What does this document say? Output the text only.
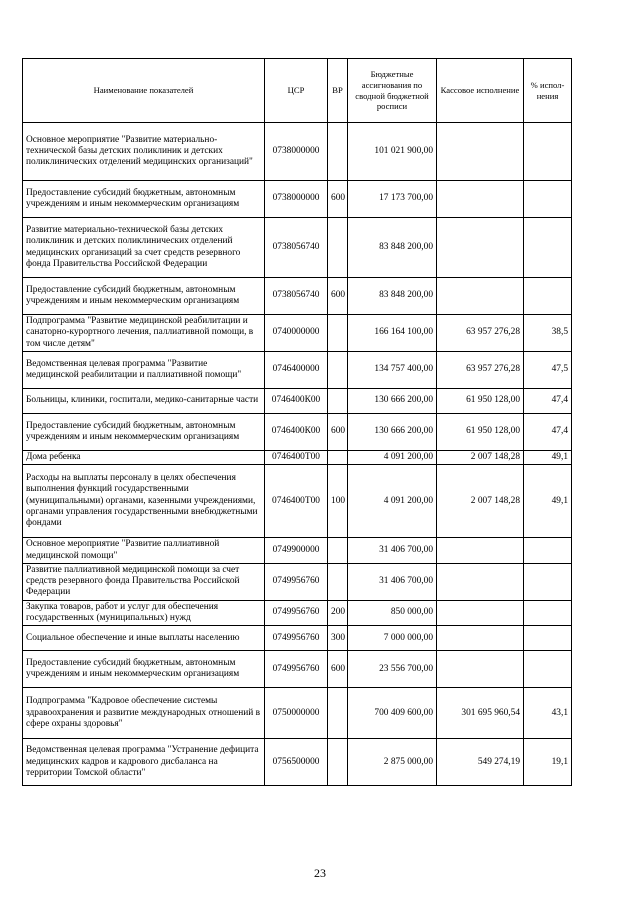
Наименование показателей	ЦСР	ВР	Бюджетные ассигнования по сводной бюджетной росписи	Кассовое исполнение	% испол-нения
Основное мероприятие "Развитие материально-технической базы детских поликлиник и детских поликлинических отделений медицинских организаций"	0738000000		101 021 900,00		
Предоставление субсидий бюджетным, автономным учреждениям и иным некоммерческим организациям	0738000000	600	17 173 700,00		
Развитие материально-технической базы детских поликлиник и детских поликлинических отделений медицинских организаций за счет средств резервного фонда Правительства Российской Федерации	0738056740		83 848 200,00		
Предоставление субсидий бюджетным, автономным учреждениям и иным некоммерческим организациям	0738056740	600	83 848 200,00		
Подпрограмма "Развитие медицинской реабилитации и санаторно-курортного лечения, паллиативной помощи, в том числе детям"	0740000000		166 164 100,00	63 957 276,28	38,5
Ведомственная целевая программа "Развитие медицинской реабилитации и паллиативной помощи"	0746400000		134 757 400,00	63 957 276,28	47,5
Больницы, клиники, госпитали, медико-санитарные части	0746400К00		130 666 200,00	61 950 128,00	47,4
Предоставление субсидий бюджетным, автономным учреждениям и иным некоммерческим организациям	0746400К00	600	130 666 200,00	61 950 128,00	47,4
Дома ребенка	0746400Т00		4 091 200,00	2 007 148,28	49,1
Расходы на выплаты персоналу в целях обеспечения выполнения функций государственными (муниципальными) органами, казенными учреждениями, органами управления государственными внебюджетными фондами	0746400Т00	100	4 091 200,00	2 007 148,28	49,1
Основное мероприятие "Развитие паллиативной медицинской помощи"	0749900000		31 406 700,00		
Развитие паллиативной медицинской помощи за счет средств резервного фонда Правительства Российской Федерации	0749956760		31 406 700,00		
Закупка товаров, работ и услуг для обеспечения государственных (муниципальных) нужд	0749956760	200	850 000,00		
Социальное обеспечение и иные выплаты населению	0749956760	300	7 000 000,00		
Предоставление субсидий бюджетным, автономным учреждениям и иным некоммерческим организациям	0749956760	600	23 556 700,00		
Подпрограмма "Кадровое обеспечение системы здравоохранения и развитие международных отношений в сфере охраны здоровья"	0750000000		700 409 600,00	301 695 960,54	43,1
Ведомственная целевая программа "Устранение дефицита медицинских кадров и кадрового дисбаланса на территории Томской области"	0756500000		2 875 000,00	549 274,19	19,1
23
